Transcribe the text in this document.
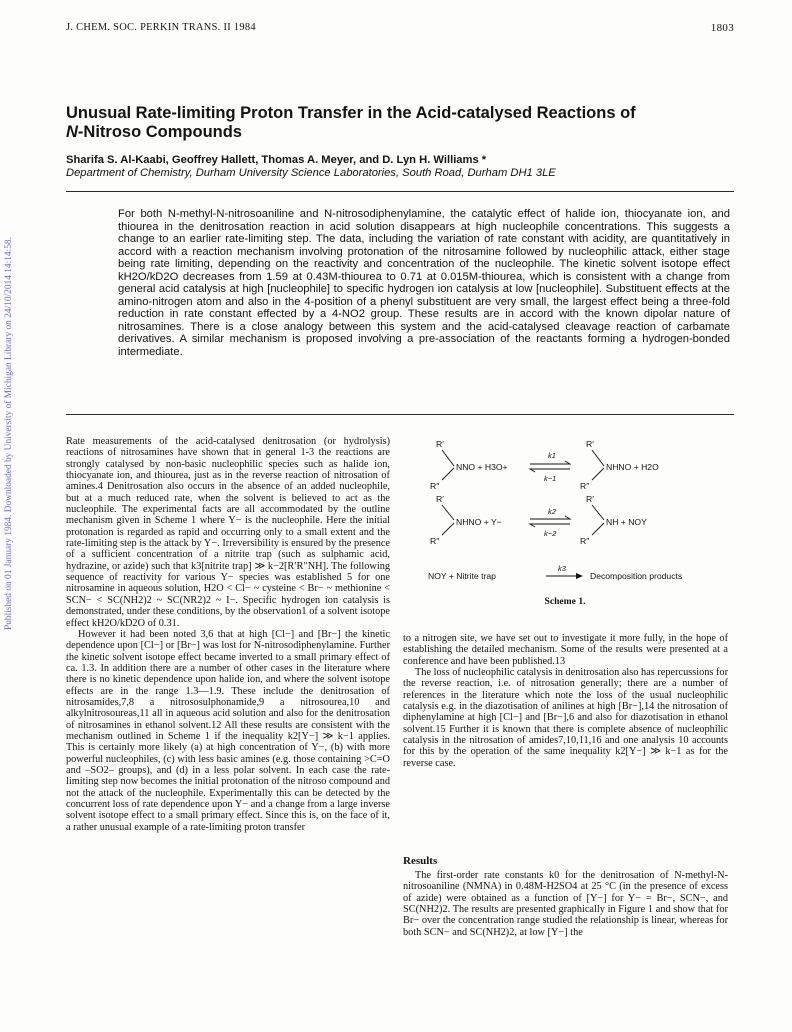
J. CHEM. SOC. PERKIN TRANS. II 1984	1803
Published on 01 January 1984. Downloaded by University of Michigan Library on 24/10/2014 14:14:58.
Unusual Rate-limiting Proton Transfer in the Acid-catalysed Reactions of
N-Nitroso Compounds
Sharifa S. Al-Kaabi, Geoffrey Hallett, Thomas A. Meyer, and D. Lyn H. Williams *
Department of Chemistry, Durham University Science Laboratories, South Road, Durham DH1 3LE
For both N-methyl-N-nitrosoaniline and N-nitrosodiphenylamine, the catalytic effect of halide ion, thiocyanate ion, and thiourea in the denitrosation reaction in acid solution disappears at high nucleophile concentrations. This suggests a change to an earlier rate-limiting step. The data, including the variation of rate constant with acidity, are quantitatively in accord with a reaction mechanism involving protonation of the nitrosamine followed by nucleophilic attack, either stage being rate limiting, depending on the reactivity and concentration of the nucleophile. The kinetic solvent isotope effect kH2O/kD2O decreases from 1.59 at 0.43M-thiourea to 0.71 at 0.015M-thiourea, which is consistent with a change from general acid catalysis at high [nucleophile] to specific hydrogen ion catalysis at low [nucleophile]. Substituent effects at the amino-nitrogen atom and also in the 4-position of a phenyl substituent are very small, the largest effect being a three-fold reduction in rate constant effected by a 4-NO2 group. These results are in accord with the known dipolar nature of nitrosamines. There is a close analogy between this system and the acid-catalysed cleavage reaction of carbamate derivatives. A similar mechanism is proposed involving a pre-association of the reactants forming a hydrogen-bonded intermediate.

Rate measurements of the acid-catalysed denitrosation (or hydrolysis) reactions of nitrosamines have shown that in general 1-3 the reactions are strongly catalysed by non-basic nucleophilic species such as halide ion, thiocyanate ion, and thiourea, just as in the reverse reaction of nitrosation of amines.4 Denitrosation also occurs in the absence of an added nucleophile, but at a much reduced rate, when the solvent is believed to act as the nucleophile. The experimental facts are all accommodated by the outline mechanism given in Scheme 1 where Y− is the nucleophile. Here the initial protonation is regarded as rapid and occurring only to a small extent and the rate-limiting step is the attack by Y−. Irreversibility is ensured by the presence of a sufficient concentration of a nitrite trap (such as sulphamic acid, hydrazine, or azide) such that k3[nitrite trap] ≫ k−2[R′R″NH]. The following sequence of reactivity for various Y− species was established 5 for one nitrosamine in aqueous solution, H2O < Cl− ~ cysteine < Br− ~ methionine < SCN− < SC(NH2)2 ~ SC(NR2)2 ~ I−. Specific hydrogen ion catalysis is demonstrated, under these conditions, by the observation1 of a solvent isotope effect kH2O/kD2O of 0.31.

However it had been noted 3,6 that at high [Cl−] and [Br−] the kinetic dependence upon [Cl−] or [Br−] was lost for N-nitrosodiphenylamine. Further the kinetic solvent isotope effect became inverted to a small primary effect of ca. 1.3. In addition there are a number of other cases in the literature where there is no kinetic dependence upon halide ion, and where the solvent isotope effects are in the range 1.3—1.9. These include the denitrosation of nitrosamides,7,8 a nitrososulphonamide,9 a nitrosourea,10 and alkylnitrosoureas,11 all in aqueous acid solution and also for the denitrosation of nitrosamines in ethanol solvent.12 All these results are consistent with the mechanism outlined in Scheme 1 if the inequality k2[Y−] ≫ k−1 applies. This is certainly more likely (a) at high concentration of Y−, (b) with more powerful nucleophiles, (c) with less basic amines (e.g. those containing >C=O and –SO2– groups), and (d) in a less polar solvent. In each case the rate-limiting step now becomes the initial protonation of the nitroso compound and not the attack of the nucleophile. Experimentally this can be detected by the concurrent loss of rate dependence upon Y− and a change from a large inverse solvent isotope effect to a small primary effect. Since this is, on the face of it, a rather unusual example of a rate-limiting proton transfer

R′
R″
NNO + H3O+
k1
k−1
R′
R″
NHNO + H2O
R′
R″
NHNO + Y−
k2
k−2
R′
R″
NH + NOY
NOY + Nitrite trap
k3
Decomposition products
Scheme 1.

to a nitrogen site, we have set out to investigate it more fully, in the hope of establishing the detailed mechanism. Some of the results were presented at a conference and have been published.13

The loss of nucleophilic catalysis in denitrosation also has repercussions for the reverse reaction, i.e. of nitrosation generally; there are a number of references in the literature which note the loss of the usual nucleophilic catalysis e.g. in the diazotisation of anilines at high [Br−],14 the nitrosation of diphenylamine at high [Cl−] and [Br−],6 and also for diazotisation in ethanol solvent.15 Further it is known that there is complete absence of nucleophilic catalysis in the nitrosation of amides7,10,11,16 and one analysis 10 accounts for this by the operation of the same inequality k2[Y−] ≫ k−1 as for the reverse case.

Results

The first-order rate constants k0 for the denitrosation of N-methyl-N-nitrosoaniline (NMNA) in 0.48M-H2SO4 at 25 °C (in the presence of excess of azide) were obtained as a function of [Y−] for Y− = Br−, SCN−, and SC(NH2)2. The results are presented graphically in Figure 1 and show that for Br− over the concentration range studied the relationship is linear, whereas for both SCN− and SC(NH2)2, at low [Y−] the
